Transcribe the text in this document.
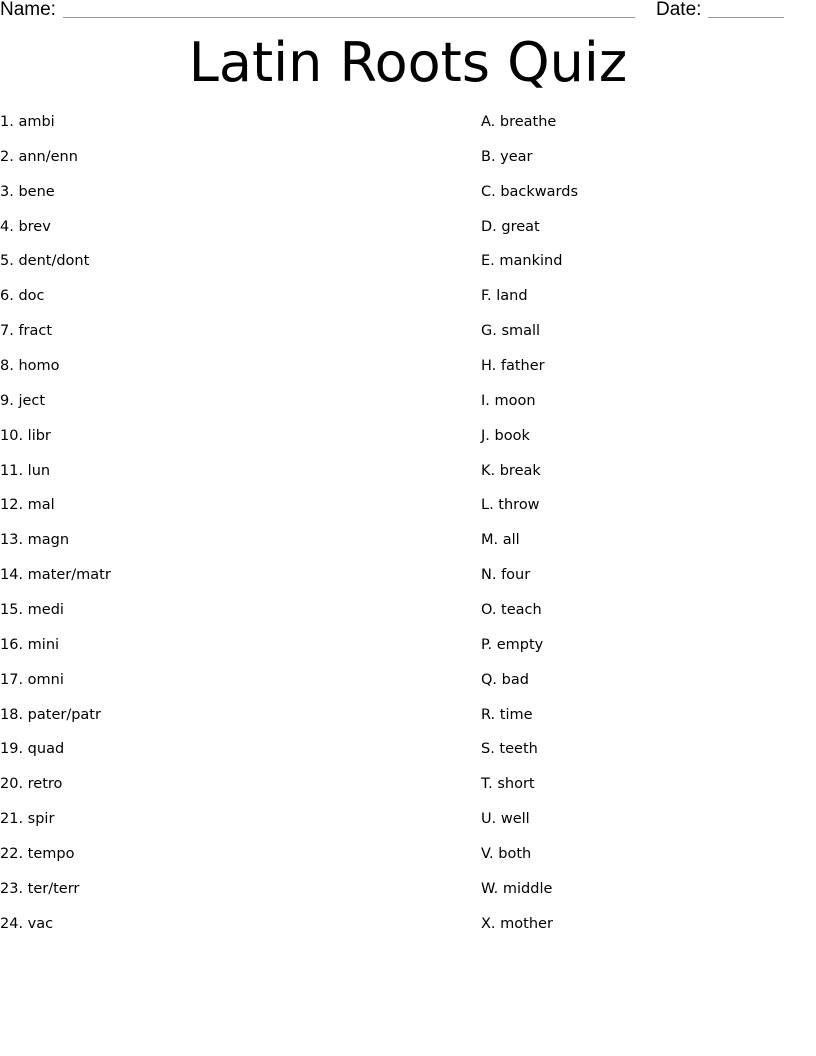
Name:	Date:
Latin Roots Quiz
1. ambi
2. ann/enn
3. bene
4. brev
5. dent/dont
6. doc
7. fract
8. homo
9. ject
10. libr
11. lun
12. mal
13. magn
14. mater/matr
15. medi
16. mini
17. omni
18. pater/patr
19. quad
20. retro
21. spir
22. tempo
23. ter/terr
24. vac
A. breathe
B. year
C. backwards
D. great
E. mankind
F. land
G. small
H. father
I. moon
J. book
K. break
L. throw
M. all
N. four
O. teach
P. empty
Q. bad
R. time
S. teeth
T. short
U. well
V. both
W. middle
X. mother
